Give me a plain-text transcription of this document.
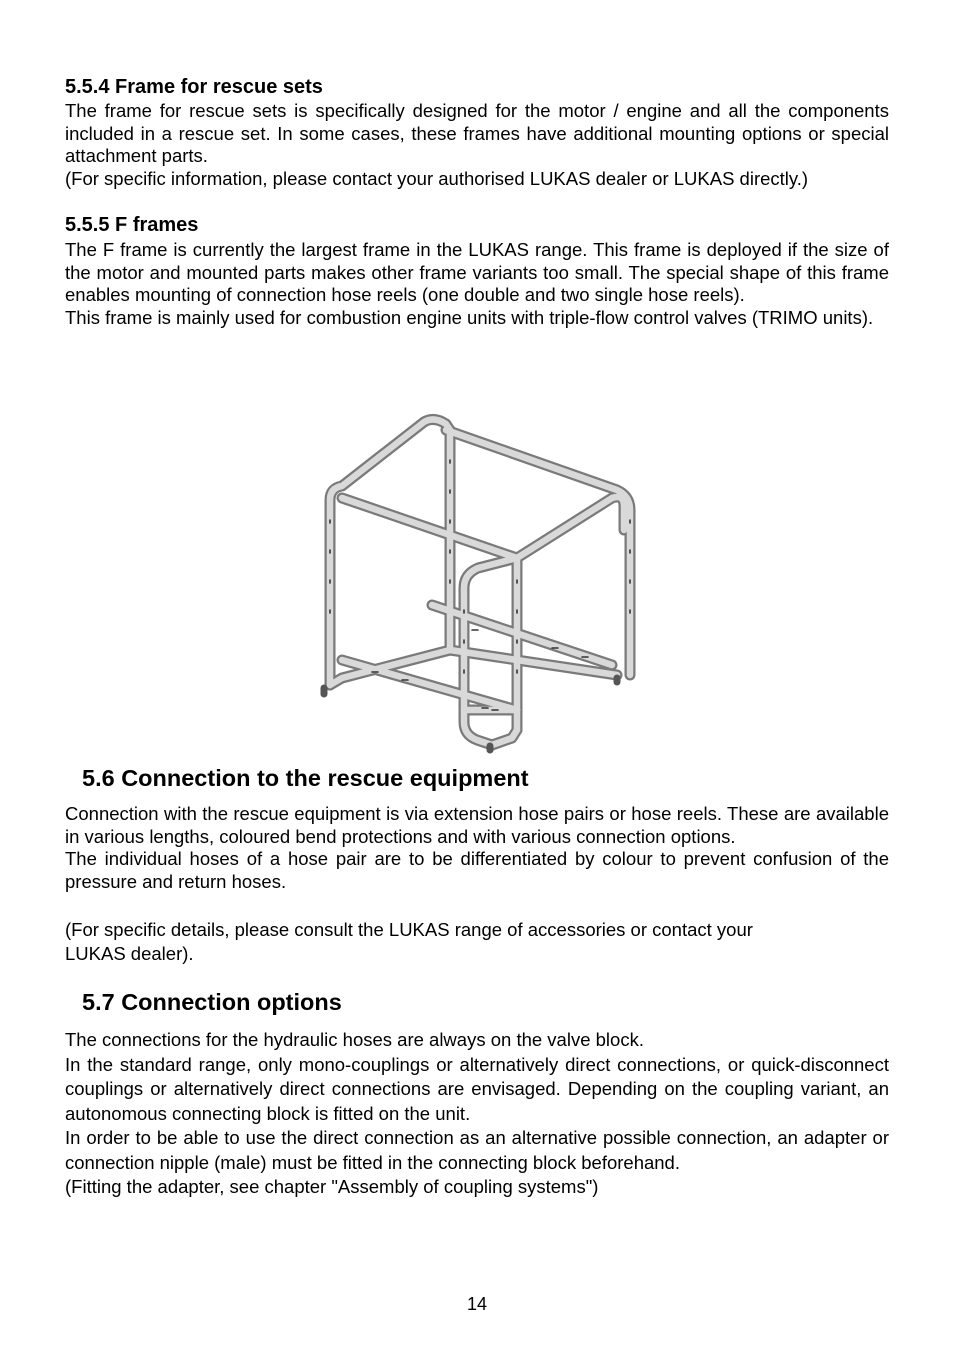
5.5.4 Frame for rescue sets
The frame for rescue sets is specifically designed for the motor / engine and all the components included in a rescue set. In some cases, these frames have additional mounting options or special attachment parts.
(For specific information, please contact your authorised LUKAS dealer or LUKAS directly.)
5.5.5 F frames
The F frame is currently the largest frame in the LUKAS range. This frame is deployed if the size of the motor and mounted parts makes other frame variants too small. The special shape of this frame enables mounting of connection hose reels (one double and two single hose reels).
This frame is mainly used for combustion engine units with triple-flow control valves (TRIMO units).
5.6 Connection to the rescue equipment
Connection with the rescue equipment is via extension hose pairs or hose reels. These are available in various lengths, coloured bend protections and with various connection options.
The individual hoses of a hose pair are to be differentiated by colour to prevent confusion of the pressure and return hoses.
(For specific details, please consult the LUKAS range of accessories or contact your
LUKAS dealer).
5.7 Connection options
The connections for the hydraulic hoses are always on the valve block.
In the standard range, only mono-couplings or alternatively direct connections, or quick-disconnect couplings or alternatively direct connections are envisaged. Depending on the coupling variant, an autonomous connecting block is fitted on the unit.
In order to be able to use the direct connection as an alternative possible connection, an adapter or connection nipple (male) must be fitted in the connecting block beforehand.
(Fitting the adapter, see chapter "Assembly of coupling systems")
14
